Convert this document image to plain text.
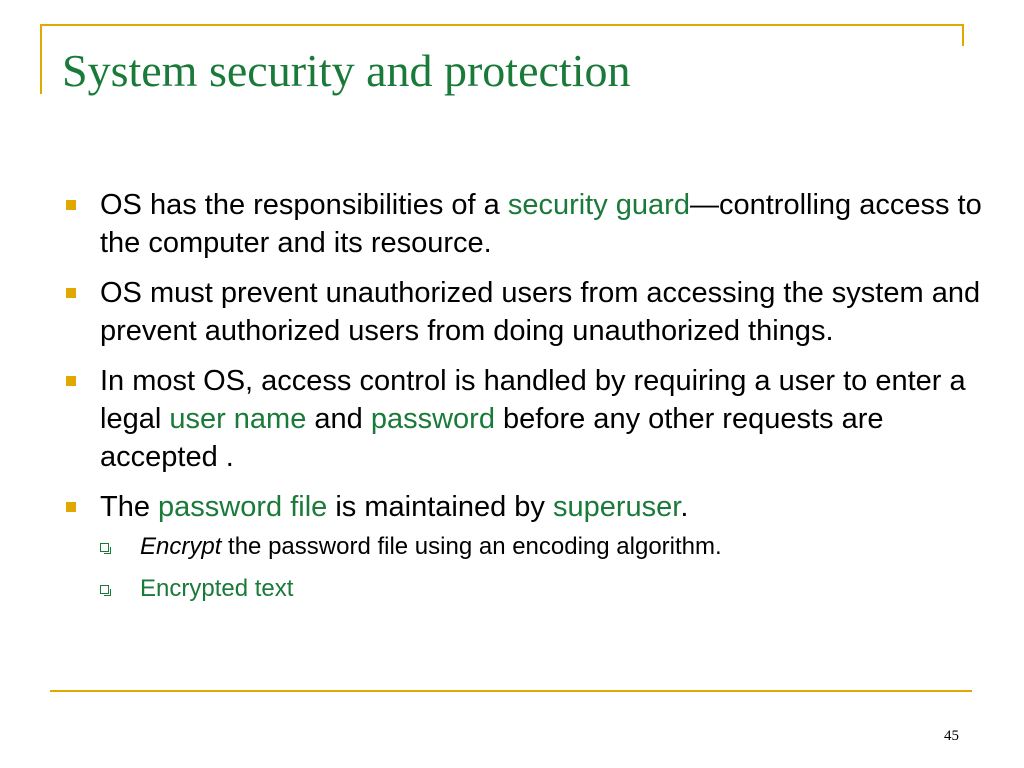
System security and protection
OS has the responsibilities of a security guard—controlling access to the computer and its resource.
OS must prevent unauthorized users from accessing the system and prevent authorized users from doing unauthorized things.
In most OS, access control is handled by requiring a user to enter a legal user name and password before any other requests are accepted .
The password file is maintained by superuser.
Encrypt the password file using an encoding algorithm.
Encrypted text
45
